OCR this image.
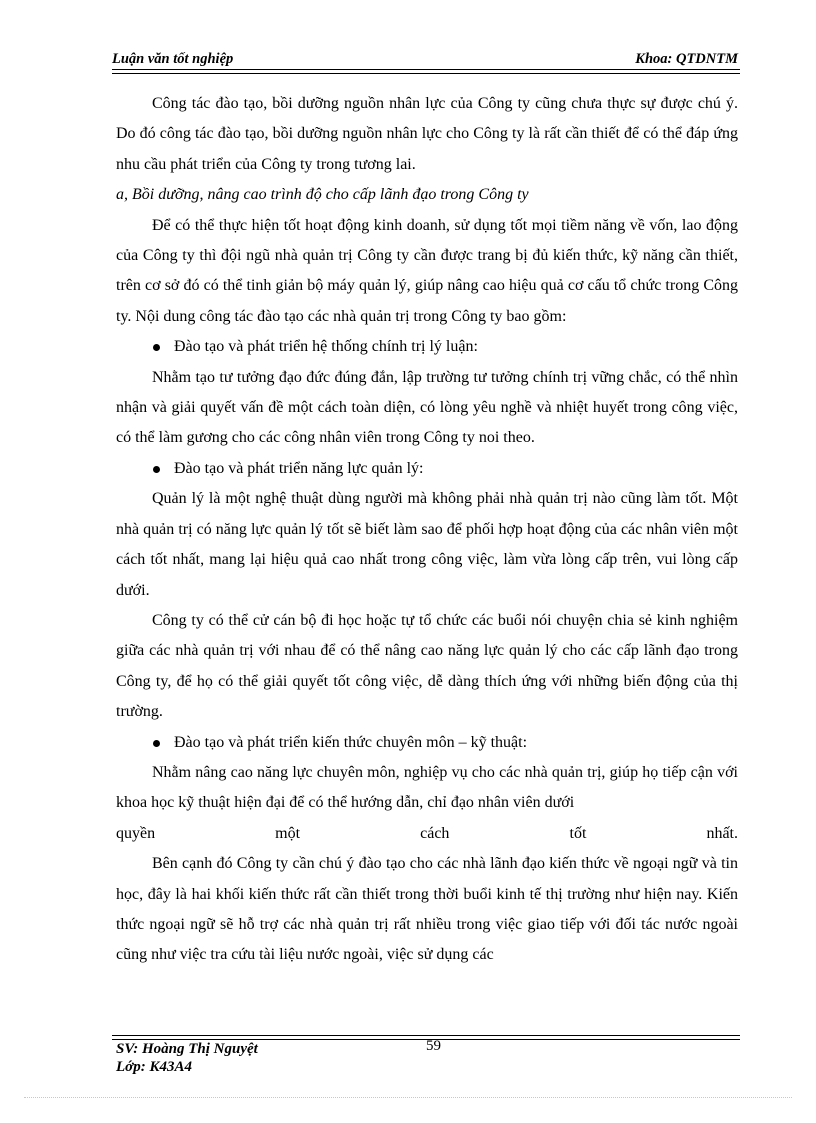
Luận văn tốt nghiệp	Khoa: QTDNTM

Công tác đào tạo, bồi dưỡng nguồn nhân lực của Công ty cũng chưa thực sự được chú ý. Do đó công tác đào tạo, bồi dưỡng nguồn nhân lực cho Công ty là rất cần thiết để có thể đáp ứng nhu cầu phát triển của Công ty trong tương lai.

a, Bồi dưỡng, nâng cao trình độ cho cấp lãnh đạo trong Công ty

Để có thể thực hiện tốt hoạt động kinh doanh, sử dụng tốt mọi tiềm năng về vốn, lao động của Công ty thì đội ngũ nhà quản trị Công ty cần được trang bị đủ kiến thức, kỹ năng cần thiết, trên cơ sở đó có thể tinh giản bộ máy quản lý, giúp nâng cao hiệu quả cơ cấu tổ chức trong Công ty. Nội dung công tác đào tạo các nhà quản trị trong Công ty bao gồm:

Đào tạo và phát triển hệ thống chính trị lý luận:

Nhằm tạo tư tưởng đạo đức đúng đắn, lập trường tư tưởng chính trị vững chắc, có thể nhìn nhận và giải quyết vấn đề một cách toàn diện, có lòng yêu nghề và nhiệt huyết trong công việc, có thể làm gương cho các công nhân viên trong Công ty noi theo.

Đào tạo và phát triển năng lực quản lý:

Quản lý là một nghệ thuật dùng người mà không phải nhà quản trị nào cũng làm tốt. Một nhà quản trị có năng lực quản lý tốt sẽ biết làm sao để phối hợp hoạt động của các nhân viên một cách tốt nhất, mang lại hiệu quả cao nhất trong công việc, làm vừa lòng cấp trên, vui lòng cấp dưới.

Công ty có thể cử cán bộ đi học hoặc tự tổ chức các buổi nói chuyện chia sẻ kinh nghiệm giữa các nhà quản trị với nhau để có thể nâng cao năng lực quản lý cho các cấp lãnh đạo trong Công ty, để họ có thể giải quyết tốt công việc, dễ dàng thích ứng với những biến động của thị trường.

Đào tạo và phát triển kiến thức chuyên môn – kỹ thuật:

Nhằm nâng cao năng lực chuyên môn, nghiệp vụ cho các nhà quản trị, giúp họ tiếp cận với khoa học kỹ thuật hiện đại để có thể hướng dẫn, chỉ đạo nhân viên dưới

quyền	một	cách	tốt	nhất.

Bên cạnh đó Công ty cần chú ý đào tạo cho các nhà lãnh đạo kiến thức về ngoại ngữ và tin học, đây là hai khối kiến thức rất cần thiết trong thời buổi kinh tế thị trường như hiện nay. Kiến thức ngoại ngữ sẽ hỗ trợ các nhà quản trị rất nhiều trong việc giao tiếp với đối tác nước ngoài cũng như việc tra cứu tài liệu nước ngoài, việc sử dụng các

SV: Hoàng Thị Nguyệt	59
Lớp: K43A4
